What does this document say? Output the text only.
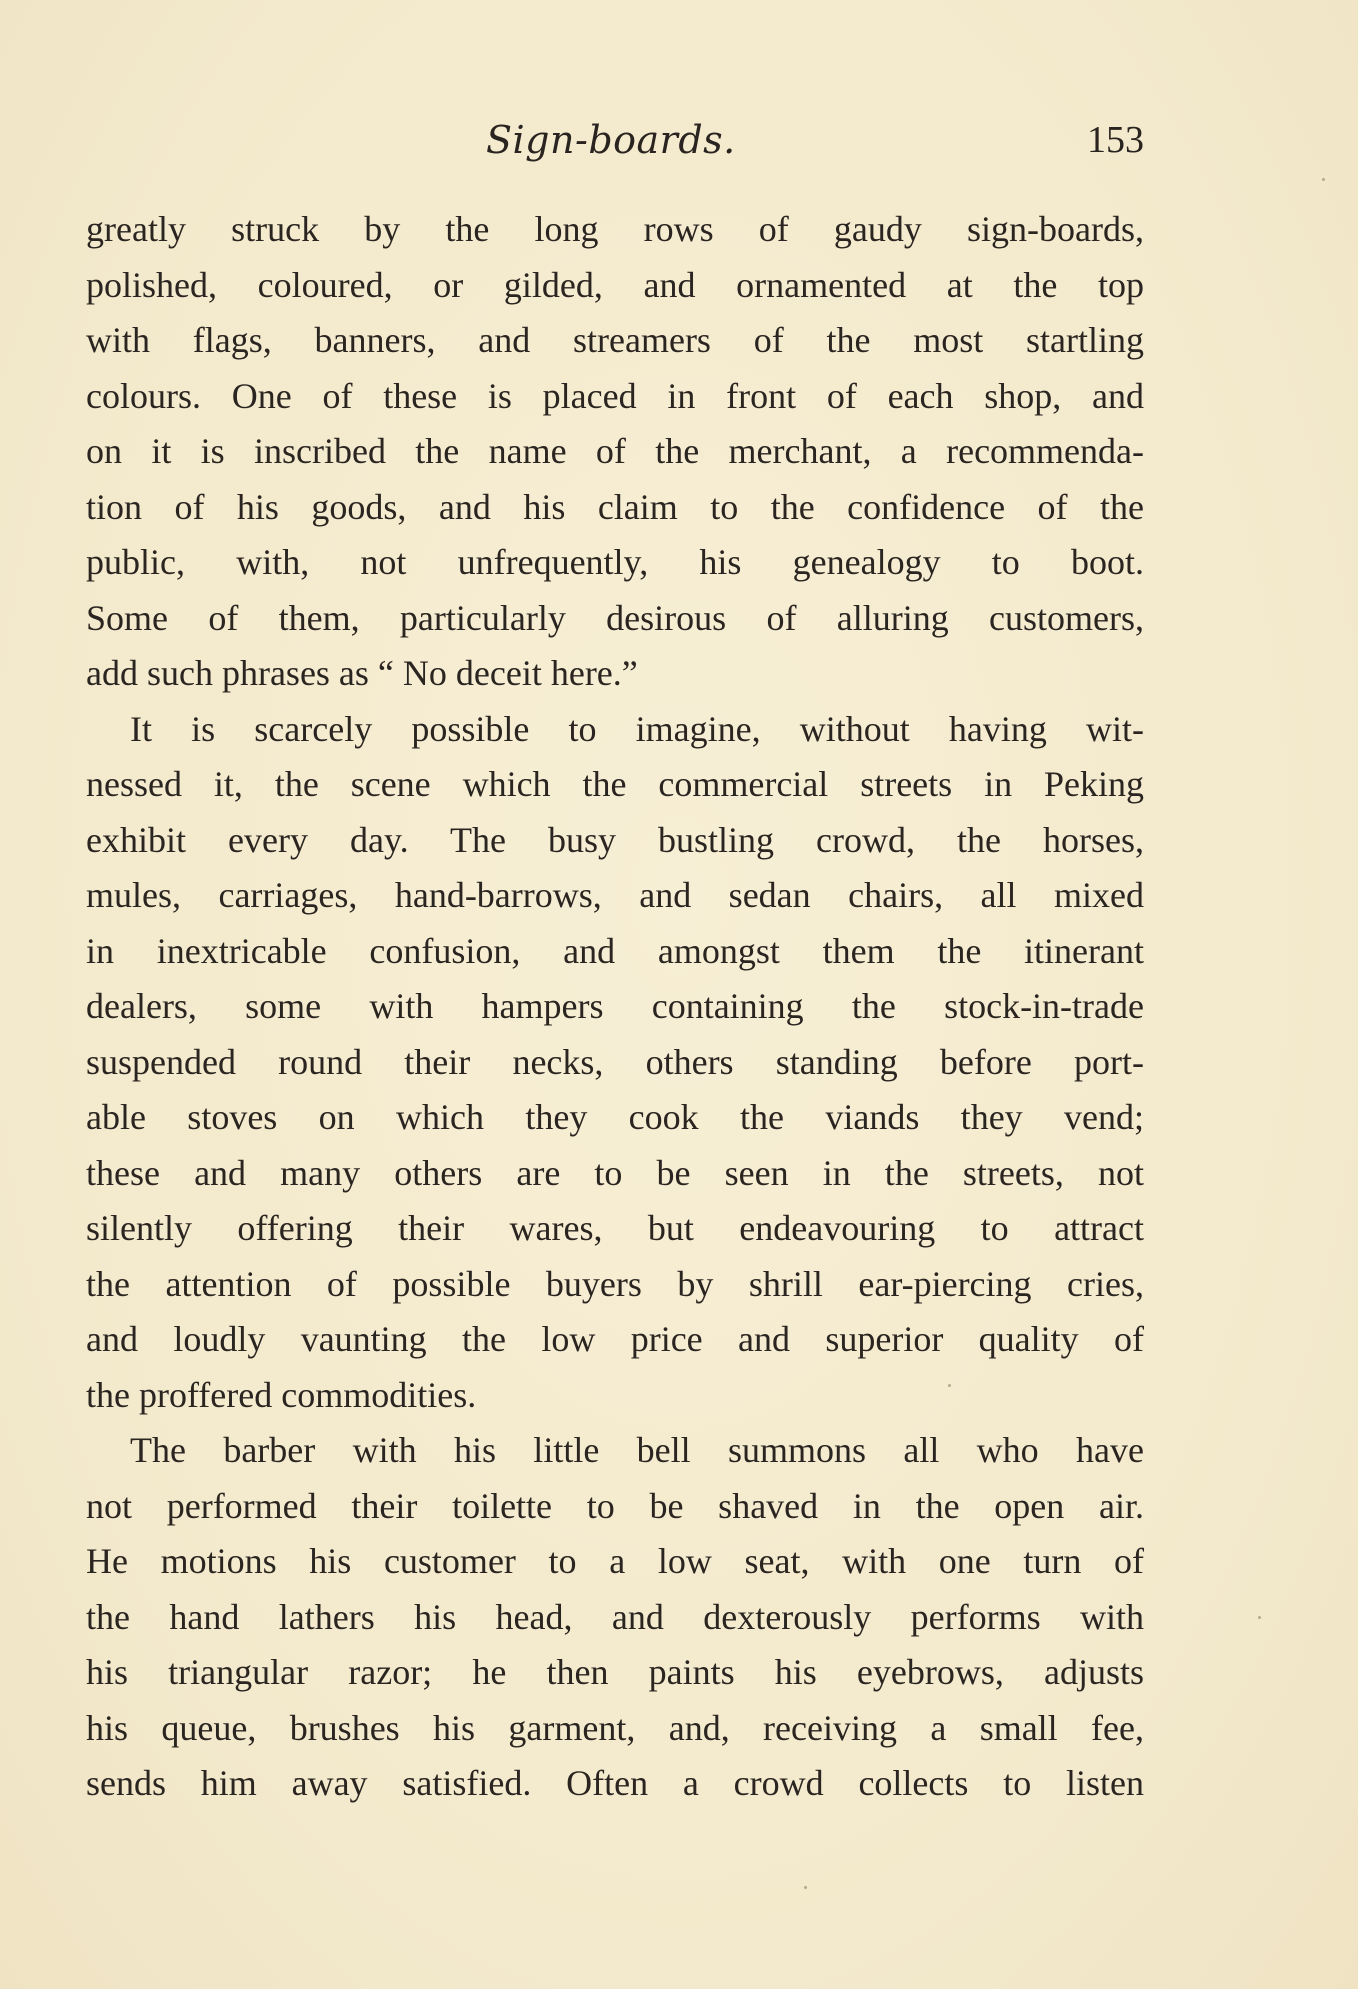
Sign-boards.	153
greatly struck by the long rows of gaudy sign-boards,
polished, coloured, or gilded, and ornamented at the top
with flags, banners, and streamers of the most startling
colours. One of these is placed in front of each shop, and
on it is inscribed the name of the merchant, a recommenda-
tion of his goods, and his claim to the confidence of the
public, with, not unfrequently, his genealogy to boot.
Some of them, particularly desirous of alluring customers,
add such phrases as “ No deceit here.”
It is scarcely possible to imagine, without having wit-
nessed it, the scene which the commercial streets in Peking
exhibit every day. The busy bustling crowd, the horses,
mules, carriages, hand-barrows, and sedan chairs, all mixed
in inextricable confusion, and amongst them the itinerant
dealers, some with hampers containing the stock-in-trade
suspended round their necks, others standing before port-
able stoves on which they cook the viands they vend;
these and many others are to be seen in the streets, not
silently offering their wares, but endeavouring to attract
the attention of possible buyers by shrill ear-piercing cries,
and loudly vaunting the low price and superior quality of
the proffered commodities.
The barber with his little bell summons all who have
not performed their toilette to be shaved in the open air.
He motions his customer to a low seat, with one turn of
the hand lathers his head, and dexterously performs with
his triangular razor; he then paints his eyebrows, adjusts
his queue, brushes his garment, and, receiving a small fee,
sends him away satisfied. Often a crowd collects to listen
